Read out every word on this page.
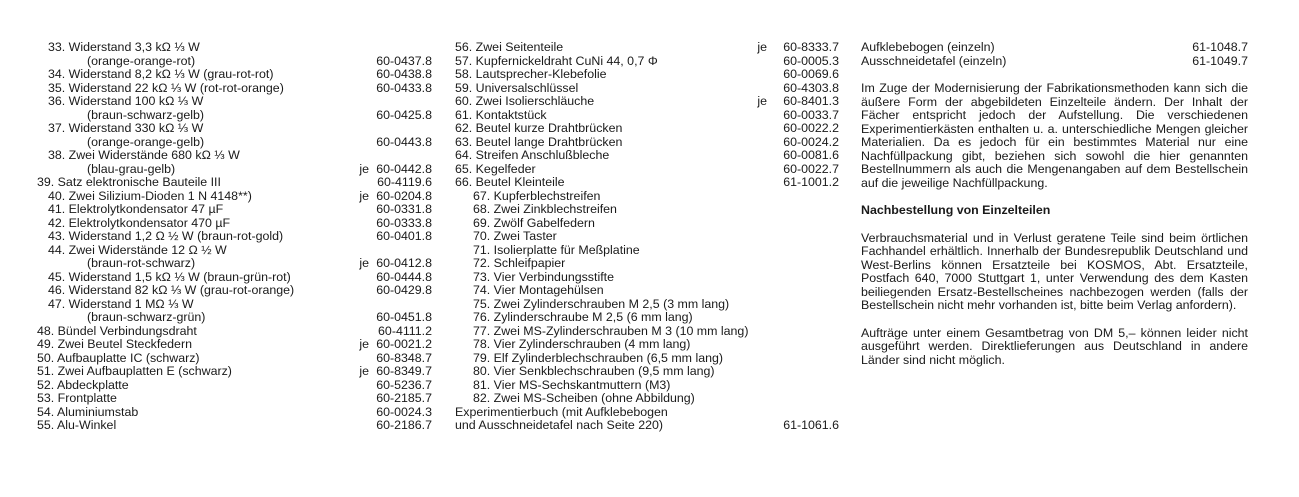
33. Widerstand 3,3 kΩ ⅓ W
(orange-orange-rot)	60-0437.8
34. Widerstand 8,2 kΩ ⅓ W (grau-rot-rot)	60-0438.8
35. Widerstand 22 kΩ ⅓ W (rot-rot-orange)	60-0433.8
36. Widerstand 100 kΩ ⅓ W
(braun-schwarz-gelb)	60-0425.8
37. Widerstand 330 kΩ ⅓ W
(orange-orange-gelb)	60-0443.8
38. Zwei Widerstände 680 kΩ ⅓ W
(blau-grau-gelb)	je 60-0442.8
39. Satz elektronische Bauteile III	60-4119.6
40. Zwei Silizium-Dioden 1 N 4148**)	je 60-0204.8
41. Elektrolytkondensator 47 µF	60-0331.8
42. Elektrolytkondensator 470 µF	60-0333.8
43. Widerstand 1,2 Ω ½ W (braun-rot-gold)	60-0401.8
44. Zwei Widerstände 12 Ω ½ W
(braun-rot-schwarz)	je 60-0412.8
45. Widerstand 1,5 kΩ ⅓ W (braun-grün-rot)	60-0444.8
46. Widerstand 82 kΩ ⅓ W (grau-rot-orange)	60-0429.8
47. Widerstand 1 MΩ ⅓ W
(braun-schwarz-grün)	60-0451.8
48. Bündel Verbindungsdraht	60-4111.2
49. Zwei Beutel Steckfedern	je 60-0021.2
50. Aufbauplatte IC (schwarz)	60-8348.7
51. Zwei Aufbauplatten E (schwarz)	je 60-8349.7
52. Abdeckplatte	60-5236.7
53. Frontplatte	60-2185.7
54. Aluminiumstab	60-0024.3
55. Alu-Winkel	60-2186.7
56. Zwei Seitenteile	je 60-8333.7
57. Kupfernickeldraht CuNi 44, 0,7 Φ	60-0005.3
58. Lautsprecher-Klebefolie	60-0069.6
59. Universalschlüssel	60-4303.8
60. Zwei Isolierschläuche	je 60-8401.3
61. Kontaktstück	60-0033.7
62. Beutel kurze Drahtbrücken	60-0022.2
63. Beutel lange Drahtbrücken	60-0024.2
64. Streifen Anschlußbleche	60-0081.6
65. Kegelfeder	60-0022.7
66. Beutel Kleinteile	61-1001.2
67. Kupferblechstreifen
68. Zwei Zinkblechstreifen
69. Zwölf Gabelfedern
70. Zwei Taster
71. Isolierplatte für Meßplatine
72. Schleifpapier
73. Vier Verbindungsstifte
74. Vier Montagehülsen
75. Zwei Zylinderschrauben M 2,5 (3 mm lang)
76. Zylinderschraube M 2,5 (6 mm lang)
77. Zwei MS-Zylinderschrauben M 3 (10 mm lang)
78. Vier Zylinderschrauben (4 mm lang)
79. Elf Zylinderblechschrauben (6,5 mm lang)
80. Vier Senkblechschrauben (9,5 mm lang)
81. Vier MS-Sechskantmuttern (M3)
82. Zwei MS-Scheiben (ohne Abbildung)
Experimentierbuch (mit Aufklebebogen
und Ausschneidetafel nach Seite 220)	61-1061.6
Aufklebebogen (einzeln)	61-1048.7
Ausschneidetafel (einzeln)	61-1049.7

Im Zuge der Modernisierung der Fabrikationsmethoden kann sich die äußere Form der abgebildeten Einzelteile ändern. Der Inhalt der Fächer entspricht jedoch der Aufstellung. Die verschiedenen Experimentierkästen enthalten u. a. unterschiedliche Mengen gleicher Materialien. Da es jedoch für ein bestimmtes Material nur eine Nachfüllpackung gibt, beziehen sich sowohl die hier genannten Bestellnummern als auch die Mengenangaben auf dem Bestellschein auf die jeweilige Nachfüllpackung.

Nachbestellung von Einzelteilen

Verbrauchsmaterial und in Verlust geratene Teile sind beim örtlichen Fachhandel erhältlich. Innerhalb der Bundesrepublik Deutschland und West-Berlins können Ersatzteile bei KOSMOS, Abt. Ersatzteile, Postfach 640, 7000 Stuttgart 1, unter Verwendung des dem Kasten beiliegenden Ersatz-Bestellscheines nachbezogen werden (falls der Bestellschein nicht mehr vorhanden ist, bitte beim Verlag anfordern).

Aufträge unter einem Gesamtbetrag von DM 5,– können leider nicht ausgeführt werden. Direktlieferungen aus Deutschland in andere Länder sind nicht möglich.
